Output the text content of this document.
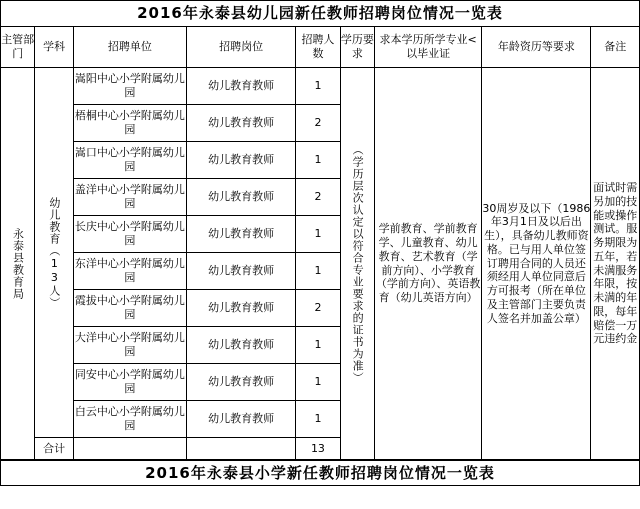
2016年永泰县幼儿园新任教师招聘岗位情况一览表
主管部门	学科	招聘单位	招聘岗位	招聘人数	学历要求	求本学历所学专业<以毕业证	年龄资历等要求	备注

永泰县教育局	幼儿教育（13人）	嵩阳中心小学附属幼儿园	幼儿教育教师	1	（学历层次认定以符合专业要求的证书为准）	学前教育、学前教育学、儿童教育、幼儿教育、艺术教育（学前方向）、小学教育（学前方向）、英语教育（幼儿英语方向）	30周岁及以下（1986年3月1日及以后出生），具备幼儿教师资格。已与用人单位签订聘用合同的人员还须经用人单位同意后方可报考（所在单位及主管部门主要负责人签名并加盖公章）	面试时需另加的技能或操作测试。服务期限为五年，若未满服务年限，按未满的年限，每年赔偿一万元违约金
		梧桐中心小学附属幼儿园	幼儿教育教师	2				
		嵩口中心小学附属幼儿园	幼儿教育教师	1				
		盖洋中心小学附属幼儿园	幼儿教育教师	2				
		长庆中心小学附属幼儿园	幼儿教育教师	1				
		东洋中心小学附属幼儿园	幼儿教育教师	1				
		霞拔中心小学附属幼儿园	幼儿教育教师	2				
		大洋中心小学附属幼儿园	幼儿教育教师	1				
		同安中心小学附属幼儿园	幼儿教育教师	1				
		白云中心小学附属幼儿园	幼儿教育教师	1				
	合计			13				
2016年永泰县小学新任教师招聘岗位情况一览表
